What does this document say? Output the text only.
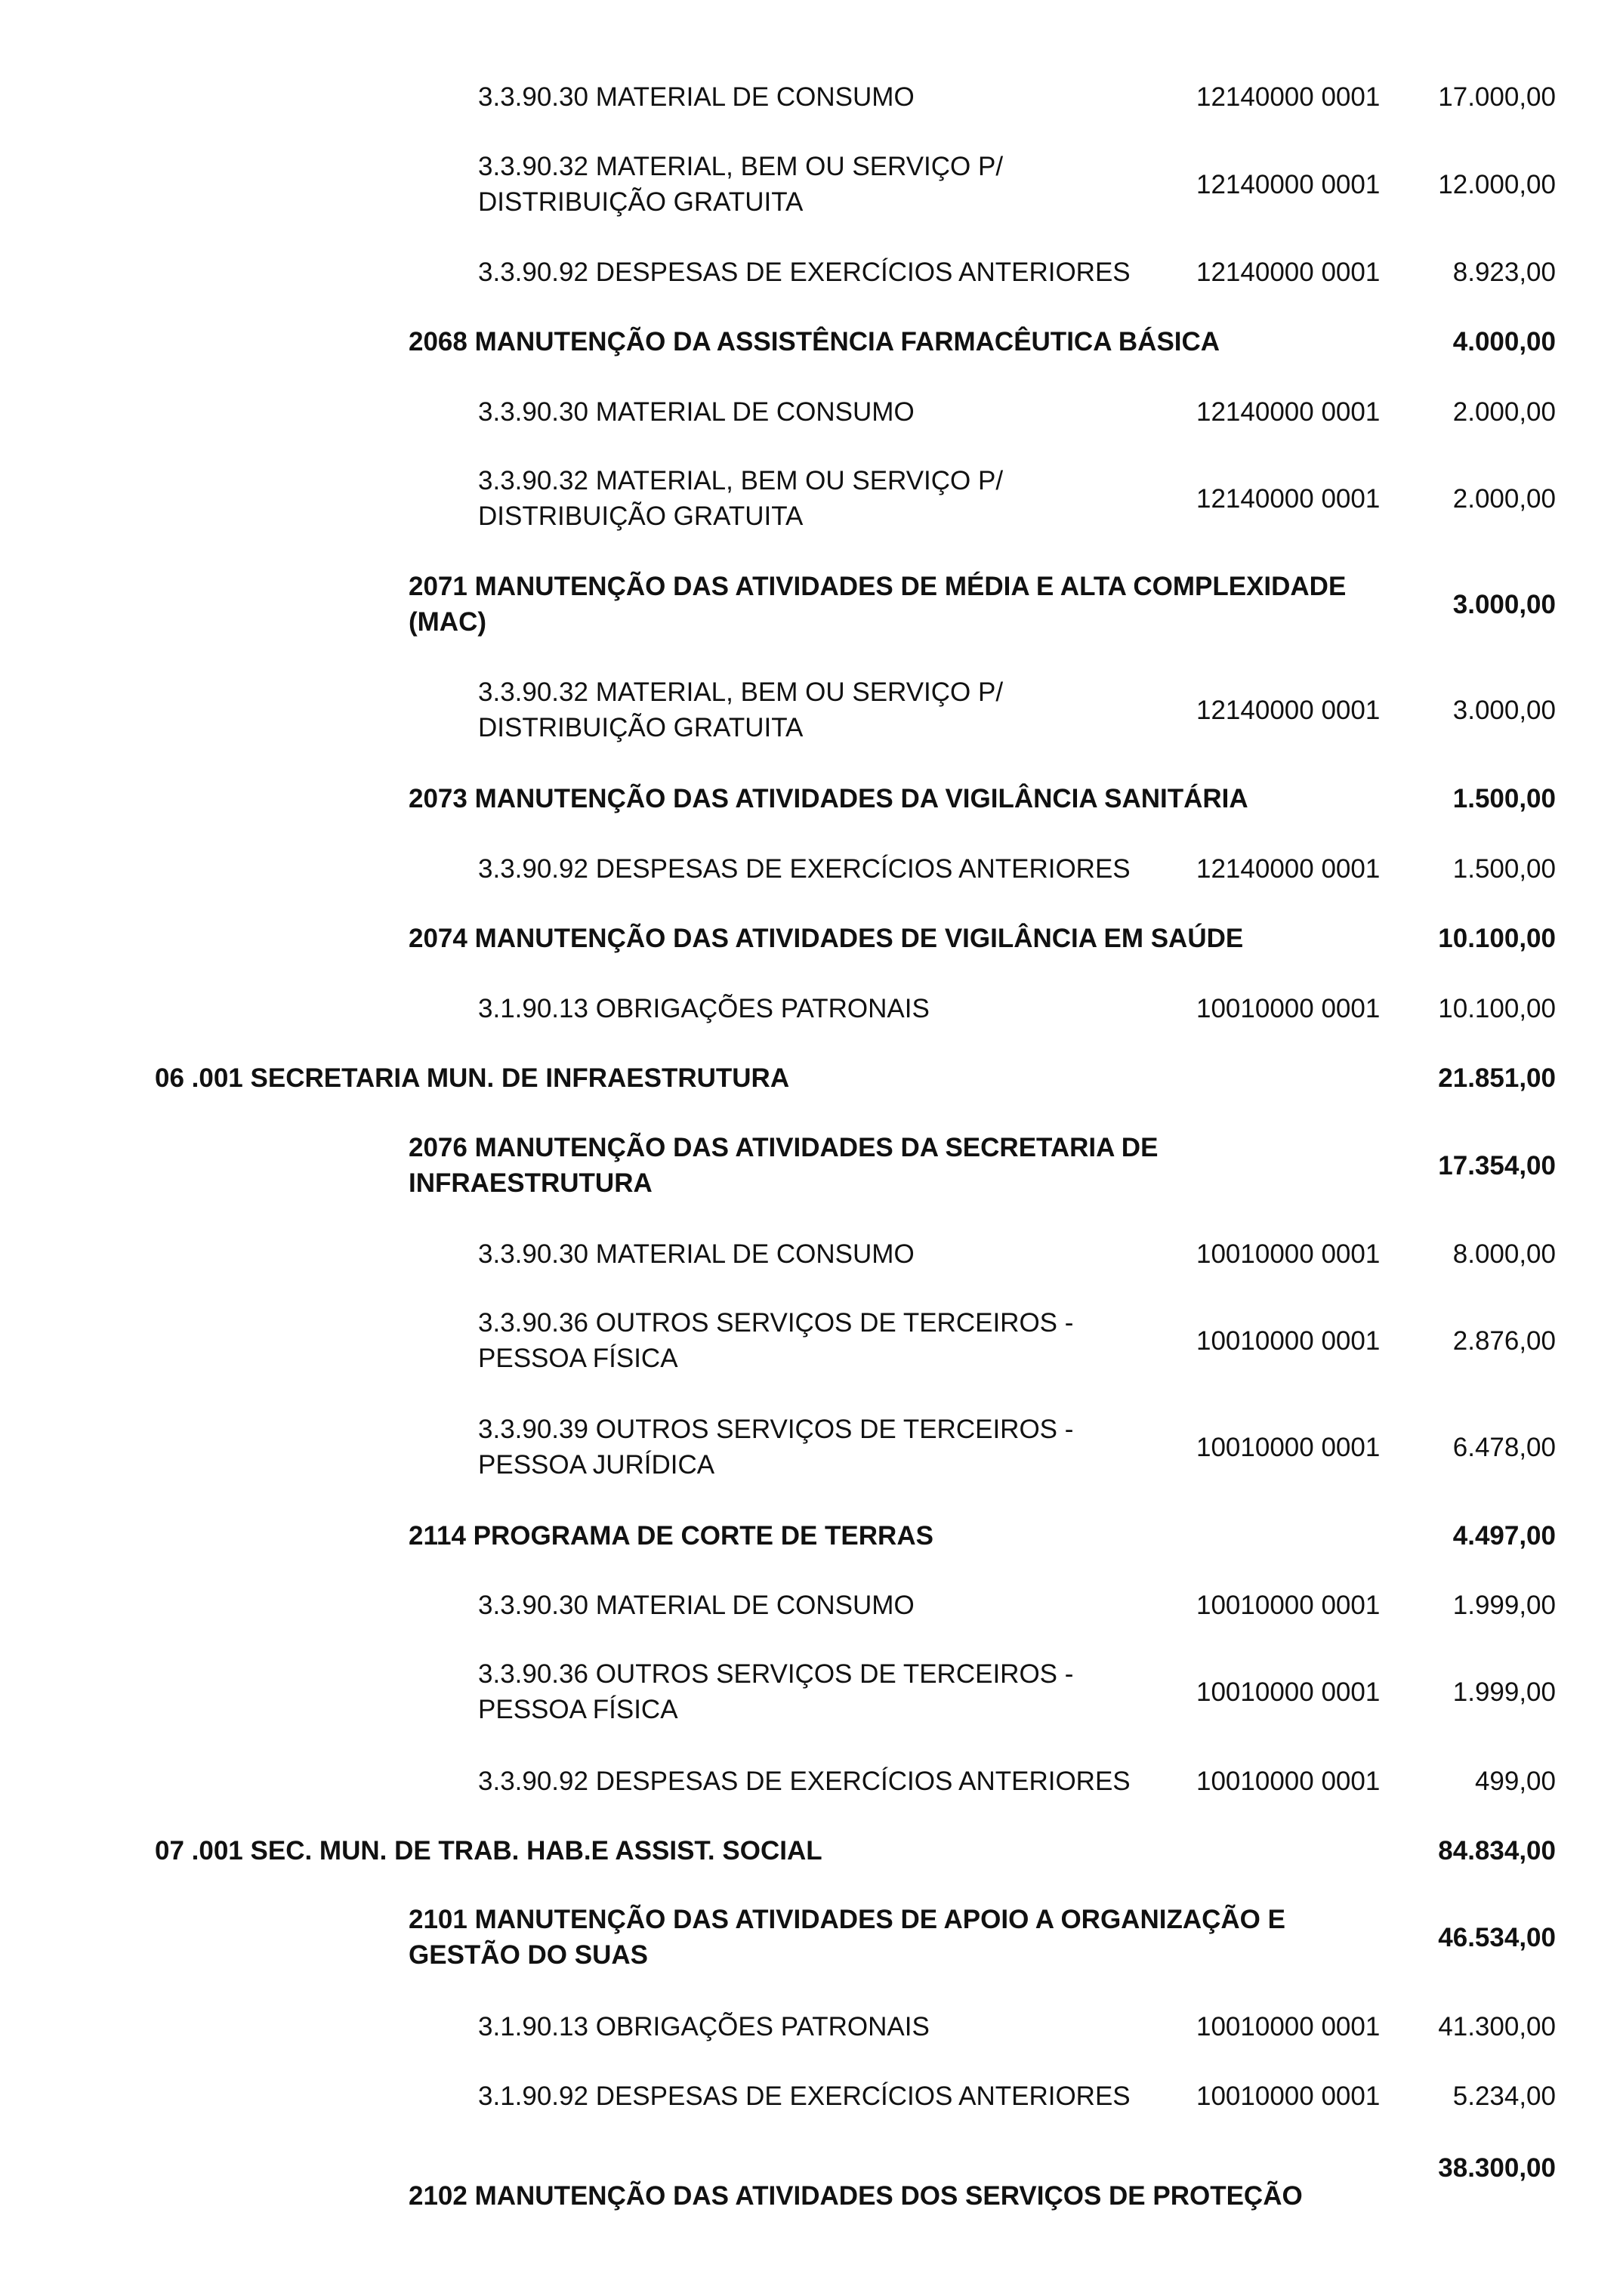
3.3.90.30 MATERIAL DE CONSUMO	12140000 0001 17.000,00
3.3.90.32 MATERIAL, BEM OU SERVIÇO P/
DISTRIBUIÇÃO GRATUITA
12140000 0001 12.000,00
3.3.90.92 DESPESAS DE EXERCÍCIOS ANTERIORES	12140000 0001	8.923,00
2068 MANUTENÇÃO DA ASSISTÊNCIA FARMACÊUTICA BÁSICA	4.000,00
3.3.90.30 MATERIAL DE CONSUMO	12140000 0001	2.000,00
3.3.90.32 MATERIAL, BEM OU SERVIÇO P/
DISTRIBUIÇÃO GRATUITA
12140000 0001	2.000,00
2071 MANUTENÇÃO DAS ATIVIDADES DE MÉDIA E ALTA COMPLEXIDADE
(MAC)
3.000,00
3.3.90.32 MATERIAL, BEM OU SERVIÇO P/
DISTRIBUIÇÃO GRATUITA
12140000 0001	3.000,00
2073 MANUTENÇÃO DAS ATIVIDADES DA VIGILÂNCIA SANITÁRIA	1.500,00
3.3.90.92 DESPESAS DE EXERCÍCIOS ANTERIORES	12140000 0001	1.500,00
2074 MANUTENÇÃO DAS ATIVIDADES DE VIGILÂNCIA EM SAÚDE	10.100,00
3.1.90.13 OBRIGAÇÕES PATRONAIS	10010000 0001 10.100,00
06 .001 SECRETARIA MUN. DE INFRAESTRUTURA	21.851,00
2076 MANUTENÇÃO DAS ATIVIDADES DA SECRETARIA DE
INFRAESTRUTURA
17.354,00
3.3.90.30 MATERIAL DE CONSUMO	10010000 0001	8.000,00
3.3.90.36 OUTROS SERVIÇOS DE TERCEIROS -
PESSOA FÍSICA
10010000 0001	2.876,00
3.3.90.39 OUTROS SERVIÇOS DE TERCEIROS -
PESSOA JURÍDICA
10010000 0001	6.478,00
2114 PROGRAMA DE CORTE DE TERRAS	4.497,00
3.3.90.30 MATERIAL DE CONSUMO	10010000 0001	1.999,00
3.3.90.36 OUTROS SERVIÇOS DE TERCEIROS -
PESSOA FÍSICA
10010000 0001	1.999,00
3.3.90.92 DESPESAS DE EXERCÍCIOS ANTERIORES	10010000 0001	499,00
07 .001 SEC. MUN. DE TRAB. HAB.E ASSIST. SOCIAL	84.834,00
2101 MANUTENÇÃO DAS ATIVIDADES DE APOIO A ORGANIZAÇÃO E
GESTÃO DO SUAS
46.534,00
3.1.90.13 OBRIGAÇÕES PATRONAIS	10010000 0001 41.300,00
3.1.90.92 DESPESAS DE EXERCÍCIOS ANTERIORES	10010000 0001	5.234,00
2102 MANUTENÇÃO DAS ATIVIDADES DOS SERVIÇOS DE PROTEÇÃO
38.300,00
